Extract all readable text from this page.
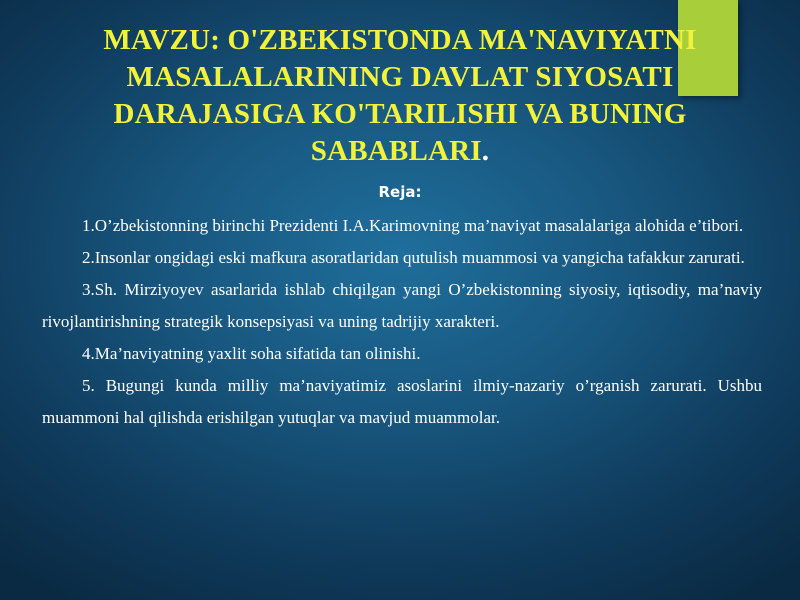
MAVZU: O'ZBEKISTONDA MA'NAVIYATNI MASALALARINING DAVLAT SIYOSATI DARAJASIGA KO'TARILISHI VA BUNING SABABLARI.
Reja:

1.O’zbekistonning birinchi Prezidenti I.A.Karimovning ma’naviyat masalalariga alohida e’tibori.

2.Insonlar ongidagi eski mafkura asoratlaridan qutulish muammosi va yangicha tafakkur zarurati.

3.Sh. Mirziyoyev asarlarida ishlab chiqilgan yangi O’zbekistonning siyosiy, iqtisodiy, ma’naviy rivojlantirishning strategik konsepsiyasi va uning tadrijiy xarakteri.

4.Ma’naviyatning yaxlit soha sifatida tan olinishi.

5. Bugungi kunda milliy ma’naviyatimiz asoslarini ilmiy-nazariy o’rganish zarurati. Ushbu muammoni hal qilishda erishilgan yutuqlar va mavjud muammolar.
